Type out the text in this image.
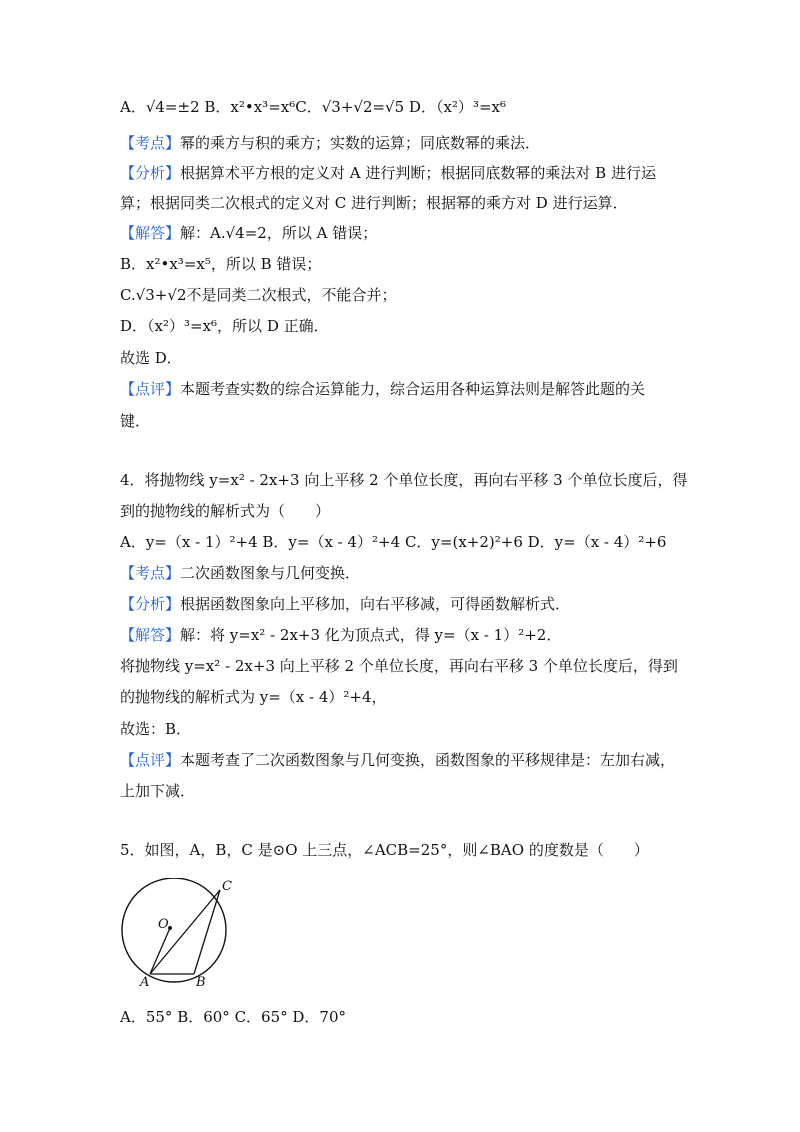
A．√4=±2 B．x²•x³=x⁶C．√3+√2=√5 D．（x²）³=x⁶
【考点】幂的乘方与积的乘方；实数的运算；同底数幂的乘法．
【分析】根据算术平方根的定义对 A 进行判断；根据同底数幂的乘法对 B 进行运
算；根据同类二次根式的定义对 C 进行判断；根据幂的乘方对 D 进行运算．
【解答】解：A.√4=2，所以 A 错误；
B．x²•x³=x⁵，所以 B 错误；
C.√3+√2不是同类二次根式，不能合并；
D．（x²）³=x⁶，所以 D 正确．
故选 D．
【点评】本题考查实数的综合运算能力，综合运用各种运算法则是解答此题的关
键．
4．将抛物线 y=x² - 2x+3 向上平移 2 个单位长度，再向右平移 3 个单位长度后，得
到的抛物线的解析式为（　　）
A．y=（x - 1）²+4 B．y=（x - 4）²+4 C．y=(x+2)²+6 D．y=（x - 4）²+6
【考点】二次函数图象与几何变换．
【分析】根据函数图象向上平移加，向右平移减，可得函数解析式．
【解答】解：将 y=x² - 2x+3 化为顶点式，得 y=（x - 1）²+2．
将抛物线 y=x² - 2x+3 向上平移 2 个单位长度，再向右平移 3 个单位长度后，得到
的抛物线的解析式为 y=（x - 4）²+4，
故选：B．
【点评】本题考查了二次函数图象与几何变换，函数图象的平移规律是：左加右减，
上加下减．
5．如图，A，B，C 是⊙O 上三点，∠ACB=25°，则∠BAO 的度数是（　　）
O
A	B
C
A．55° B．60° C．65° D．70°
